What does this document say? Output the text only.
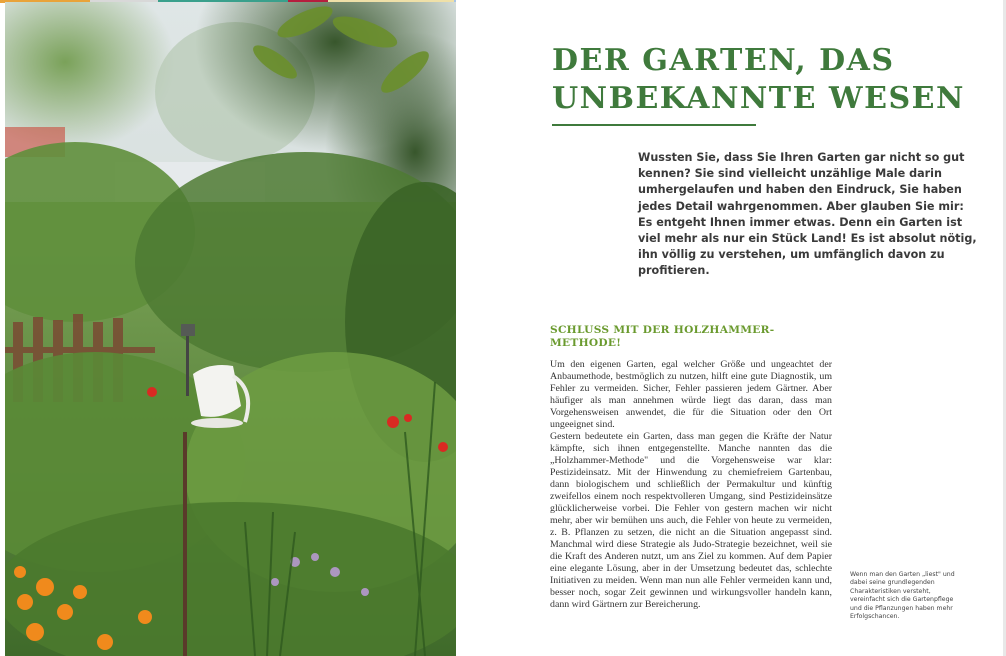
DER GARTEN, DAS
UNBEKANNTE WESEN

Wussten Sie, dass Sie Ihren Garten gar nicht so gut kennen? Sie sind vielleicht unzählige Male darin umhergelaufen und haben den Eindruck, Sie haben jedes Detail wahrgenommen. Aber glauben Sie mir: Es entgeht Ihnen immer etwas. Denn ein Garten ist viel mehr als nur ein Stück Land! Es ist absolut nötig, ihn völlig zu verstehen, um umfänglich davon zu profitieren.

SCHLUSS MIT DER HOLZHAMMER-METHODE!

Um den eigenen Garten, egal welcher Größe und ungeachtet der Anbaumethode, bestmöglich zu nutzen, hilft eine gute Diagnostik, um Fehler zu vermeiden. Sicher, Fehler passieren jedem Gärtner. Aber häufiger als man annehmen würde liegt das daran, dass man Vorgehensweisen anwendet, die für die Situation oder den Ort ungeeignet sind.

Gestern bedeutete ein Garten, dass man gegen die Kräfte der Natur kämpfte, sich ihnen entgegenstellte. Manche nannten das die „Holzhammer-Methode" und die Vorgehensweise war klar: Pestizideinsatz. Mit der Hinwendung zu chemiefreiem Gartenbau, dann biologischem und schließlich der Permakultur und künftig zweifellos einem noch respektvolleren Umgang, sind Pestizideinsätze glücklicherweise vorbei. Die Fehler von gestern machen wir nicht mehr, aber wir bemühen uns auch, die Fehler von heute zu vermeiden, z. B. Pflanzen zu setzen, die nicht an die Situation angepasst sind. Manchmal wird diese Strategie als Judo-Strategie bezeichnet, weil sie die Kraft des Anderen nutzt, um ans Ziel zu kommen. Auf dem Papier eine elegante Lösung, aber in der Umsetzung bedeutet das, schlechte Initiativen zu meiden. Wenn man nun alle Fehler vermeiden kann und, besser noch, sogar Zeit gewinnen und wirkungsvoller handeln kann, dann wird Gärtnern zur Bereicherung.

Wenn man den Garten „liest" und dabei seine grundlegenden Charakteristiken versteht, vereinfacht sich die Gartenpflege und die Pflanzungen haben mehr Erfolgschancen.
